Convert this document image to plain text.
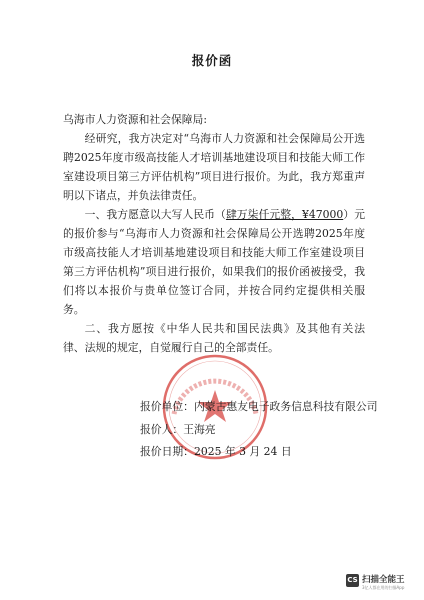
报价函
乌海市人力资源和社会保障局:
经研究，我方决定对“乌海市人力资源和社会保障局公开选聘2025年度市级高技能人才培训基地建设项目和技能大师工作室建设项目第三方评估机构”项目进行报价。为此，我方郑重声明以下诸点，并负法律责任。
一、我方愿意以大写人民币（肆万柒仟元整，¥47000）元的报价参与“乌海市人力资源和社会保障局公开选聘2025年度市级高技能人才培训基地建设项目和技能大师工作室建设项目第三方评估机构”项目进行报价，如果我们的报价函被接受，我们将以本报价与贵单位签订合同，并按合同约定提供相关服务。
二、我方愿按《中华人民共和国民法典》及其他有关法律、法规的规定，自觉履行自己的全部责任。
报价单位：内蒙古惠友电子政务信息科技有限公司
报价人：王海亮
报价日期：2025 年 3 月 24 日
CS 扫描全能王
3亿人都在用的扫描App
